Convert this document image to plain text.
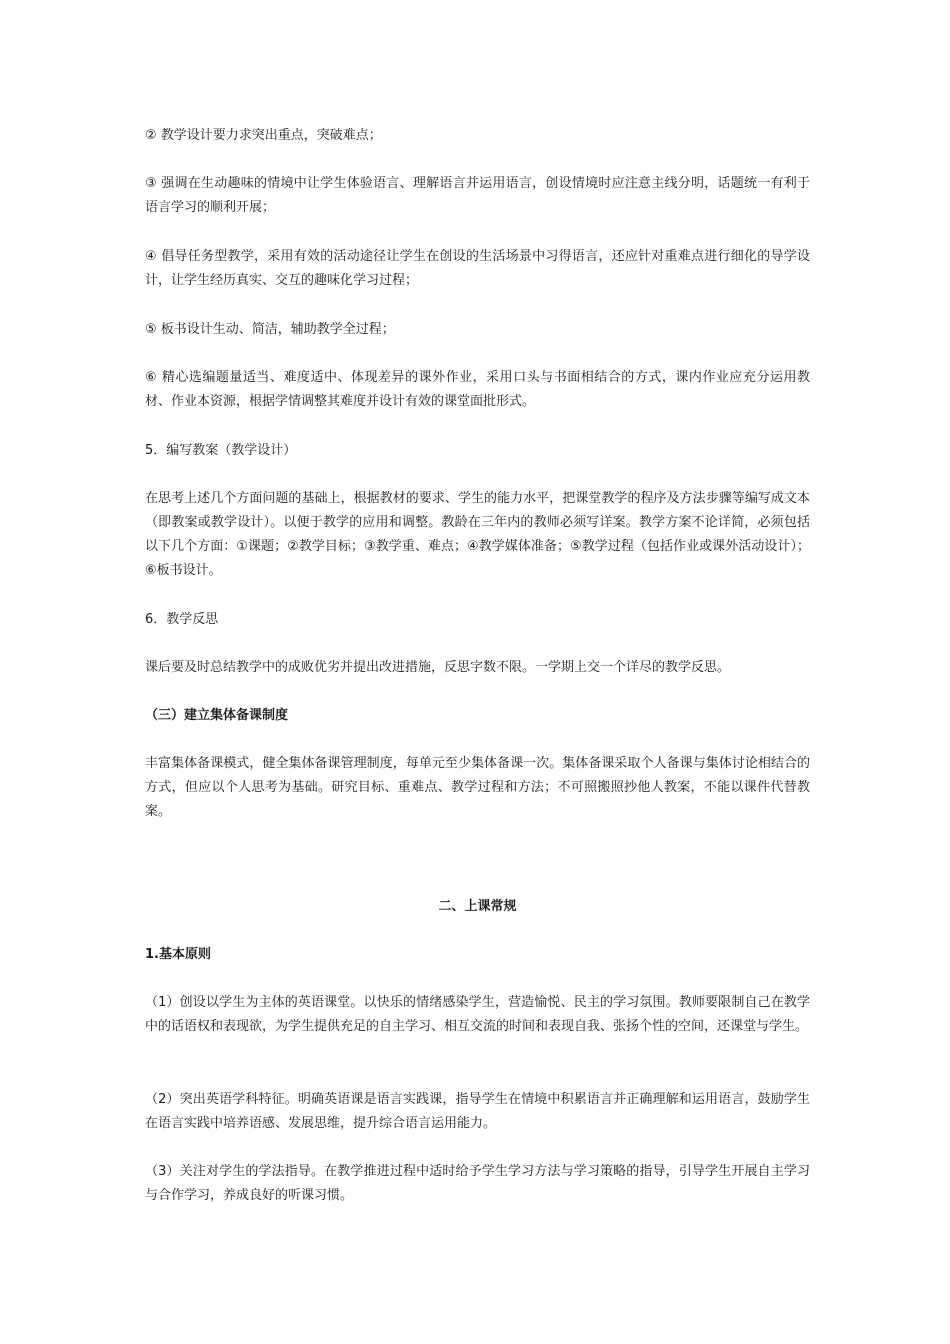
② 教学设计要力求突出重点，突破难点；

③ 强调在生动趣味的情境中让学生体验语言、理解语言并运用语言，创设情境时应注意主线分明，话题统一有利于语言学习的顺利开展；

④ 倡导任务型教学，采用有效的活动途径让学生在创设的生活场景中习得语言，还应针对重难点进行细化的导学设计，让学生经历真实、交互的趣味化学习过程；

⑤ 板书设计生动、简洁，辅助教学全过程；

⑥ 精心选编题量适当、难度适中、体现差异的课外作业，采用口头与书面相结合的方式，课内作业应充分运用教材、作业本资源，根据学情调整其难度并设计有效的课堂面批形式。

5．编写教案（教学设计）

在思考上述几个方面问题的基础上，根据教材的要求、学生的能力水平，把课堂教学的程序及方法步骤等编写成文本（即教案或教学设计）。以便于教学的应用和调整。教龄在三年内的教师必须写详案。教学方案不论详简，必须包括以下几个方面：①课题；②教学目标；③教学重、难点；④教学媒体准备；⑤教学过程（包括作业或课外活动设计）；⑥板书设计。

6．教学反思

课后要及时总结教学中的成败优劣并提出改进措施，反思字数不限。一学期上交一个详尽的教学反思。

（三）建立集体备课制度

丰富集体备课模式，健全集体备课管理制度，每单元至少集体备课一次。集体备课采取个人备课与集体讨论相结合的方式，但应以个人思考为基础。研究目标、重难点、教学过程和方法；不可照搬照抄他人教案，不能以课件代替教案。

二、上课常规

1.基本原则

（1）创设以学生为主体的英语课堂。以快乐的情绪感染学生，营造愉悦、民主的学习氛围。教师要限制自己在教学中的话语权和表现欲，为学生提供充足的自主学习、相互交流的时间和表现自我、张扬个性的空间，还课堂与学生。

（2）突出英语学科特征。明确英语课是语言实践课，指导学生在情境中积累语言并正确理解和运用语言，鼓励学生在语言实践中培养语感、发展思维，提升综合语言运用能力。

（3）关注对学生的学法指导。在教学推进过程中适时给予学生学习方法与学习策略的指导，引导学生开展自主学习与合作学习，养成良好的听课习惯。
